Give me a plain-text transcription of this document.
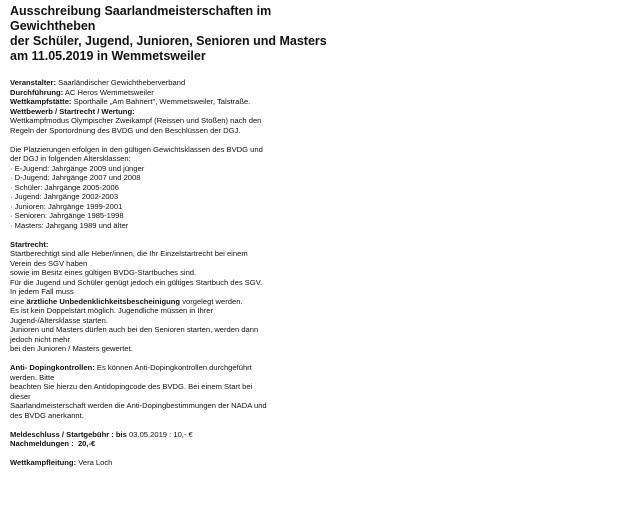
Ausschreibung Saarlandmeisterschaften im
Gewichtheben
der Schüler, Jugend, Junioren, Senioren und Masters
am 11.05.2019 in Wemmetsweiler
Veranstalter: Saarländischer Gewichtheberverband
Durchführung: AC Heros Wemmetsweiler
Wettkampfstätte: Sporthalle „Am Bahnert", Wemmetsweiler, Talstraße.
Wettbewerb / Startrecht / Wertung:
Wettkampfmodus Olympischer Zweikampf (Reissen und Stoßen) nach den
Regeln der Sportordnung des BVDG und den Beschlüssen der DGJ.
Die Platzierungen erfolgen in den gültigen Gewichtsklassen des BVDG und
der DGJ in folgenden Altersklassen:
· E-Jugend: Jahrgänge 2009 und jünger
· D-Jugend: Jahrgänge 2007 und 2008
· Schüler: Jahrgänge 2005-2006
· Jugend: Jahrgänge 2002-2003
· Junioren: Jahrgänge 1999-2001
· Senioren: Jahrgänge 1985-1998
· Masters: Jahrgang 1989 und älter
Startrecht:
Startberechtigt sind alle Heber/innen, die Ihr Einzelstartrecht bei einem
Verein des SGV haben
sowie im Besitz eines gültigen BVDG-Startbuches sind.
Für die Jugend und Schüler genügt jedoch ein gültiges Startbuch des SGV.
In jedem Fall muss
eine ärztliche Unbedenklichkeitsbescheinigung vorgelegt werden.
Es ist kein Doppelstart möglich. Jugendliche müssen in Ihrer
Jugend-/Altersklasse starten.
Junioren und Masters dürfen auch bei den Senioren starten, werden dann
jedoch nicht mehr
bei den Junioren / Masters gewertet.
Anti- Dopingkontrollen: Es können Anti-Dopingkontrollen durchgeführt
werden. Bitte
beachten Sie hierzu den Antidopingcode des BVDG. Bei einem Start bei
dieser
Saarlandmeisterschaft werden die Anti-Dopingbestimmungen der NADA und
des BVDG anerkannt.
Meldeschluss / Startgebühr : bis 03.05.2019 : 10,- €
Nachmeldungen : 20,-€
Wettkampfleitung: Vera Loch
